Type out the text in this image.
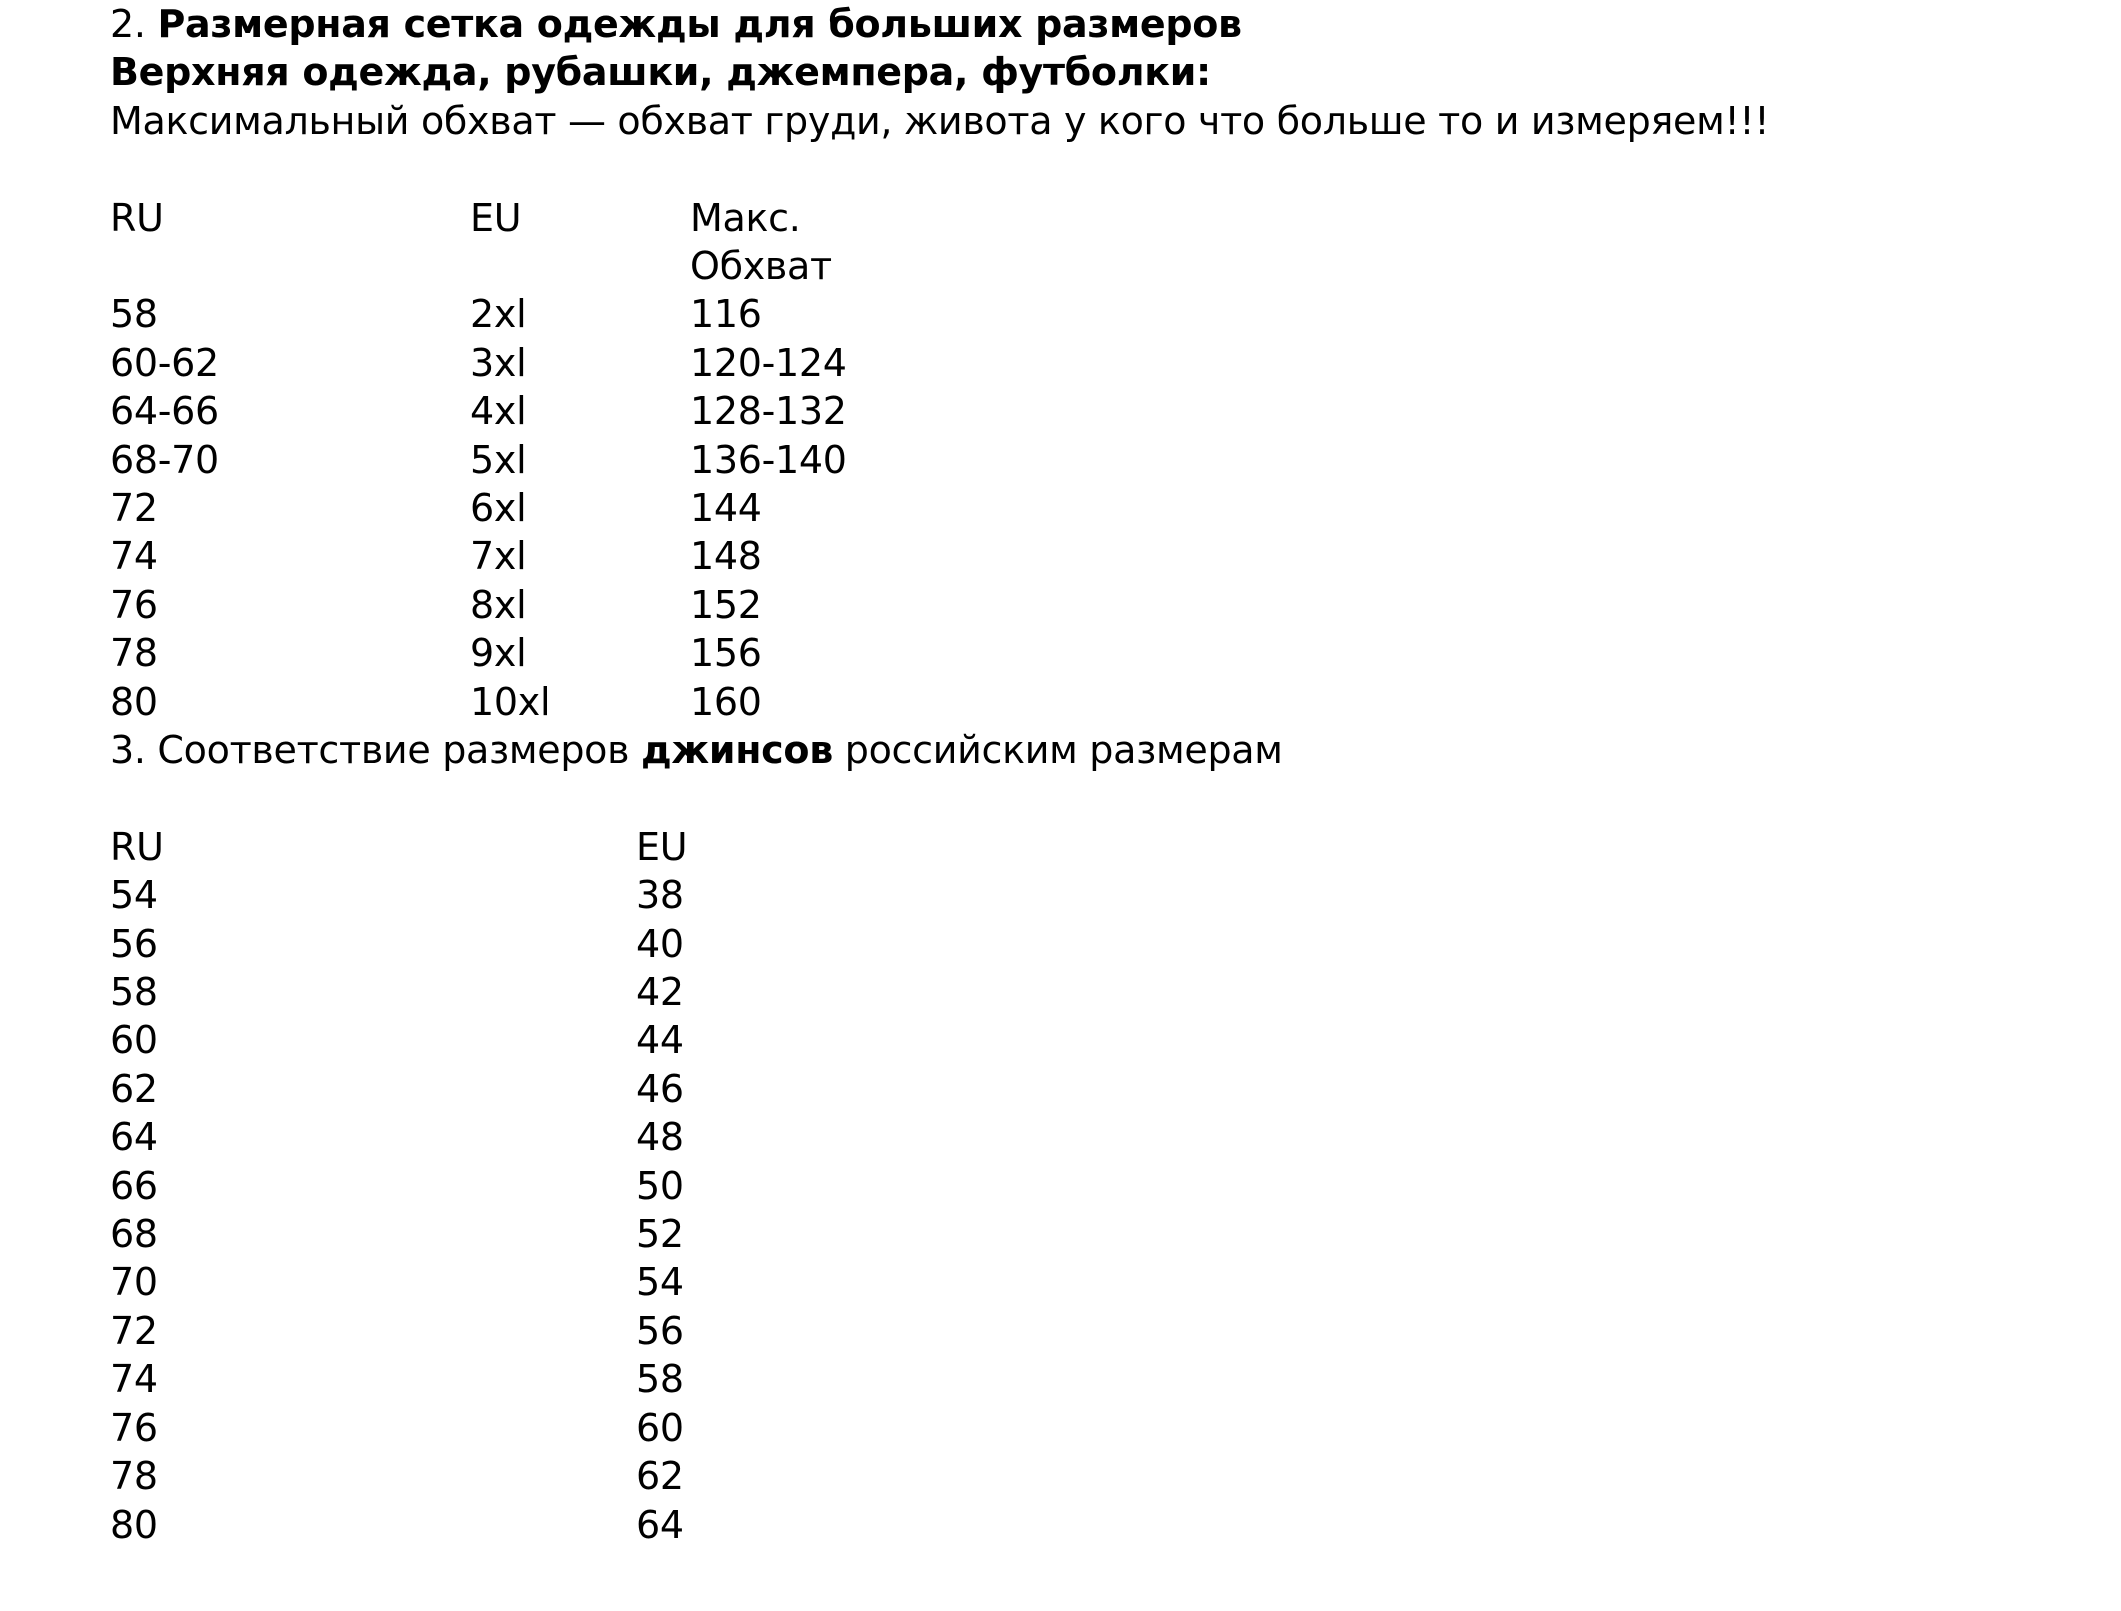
2. Размерная сетка одежды для больших размеров
Верхняя одежда, рубашки, джемпера, футболки:
Максимальный обхват — обхват груди, живота у кого что больше то и измеряем!!!
RU	EU	Макс.
Обхват
58	2xl	116
60-62	3xl	120-124
64-66	4xl	128-132
68-70	5xl	136-140
72	6xl	144
74	7xl	148
76	8xl	152
78	9xl	156
80	10xl	160
3. Соответствие размеров джинсов российским размерам
RU	EU
54	38
56	40
58	42
60	44
62	46
64	48
66	50
68	52
70	54
72	56
74	58
76	60
78	62
80	64
